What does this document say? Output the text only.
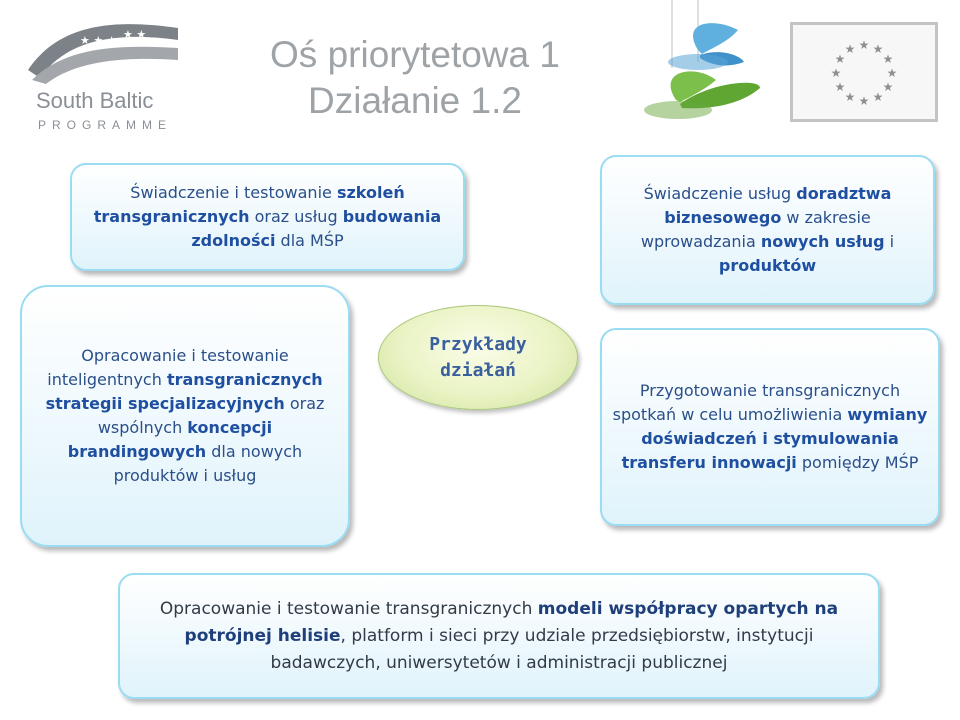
★ ★ ★ ★ ★
South Baltic
PROGRAMME
Oś priorytetowa 1
Działanie 1.2
★ ★
★
★
★
★
★
★
★
★
★
★
Świadczenie i testowanie szkoleń transgranicznych oraz usług budowania zdolności dla MŚP
Opracowanie i testowanie inteligentnych transgranicznych strategii specjalizacyjnych oraz wspólnych koncepcji brandingowych dla nowych produktów i usług
Świadczenie usług doradztwa biznesowego w zakresie wprowadzania nowych usług i produktów
Przygotowanie transgranicznych spotkań w celu umożliwienia wymiany doświadczeń i stymulowania transferu innowacji pomiędzy MŚP
Opracowanie i testowanie transgranicznych modeli współpracy opartych na potrójnej helisie, platform i sieci przy udziale przedsiębiorstw, instytucji badawczych, uniwersytetów i administracji publicznej
Przykłady
działań
